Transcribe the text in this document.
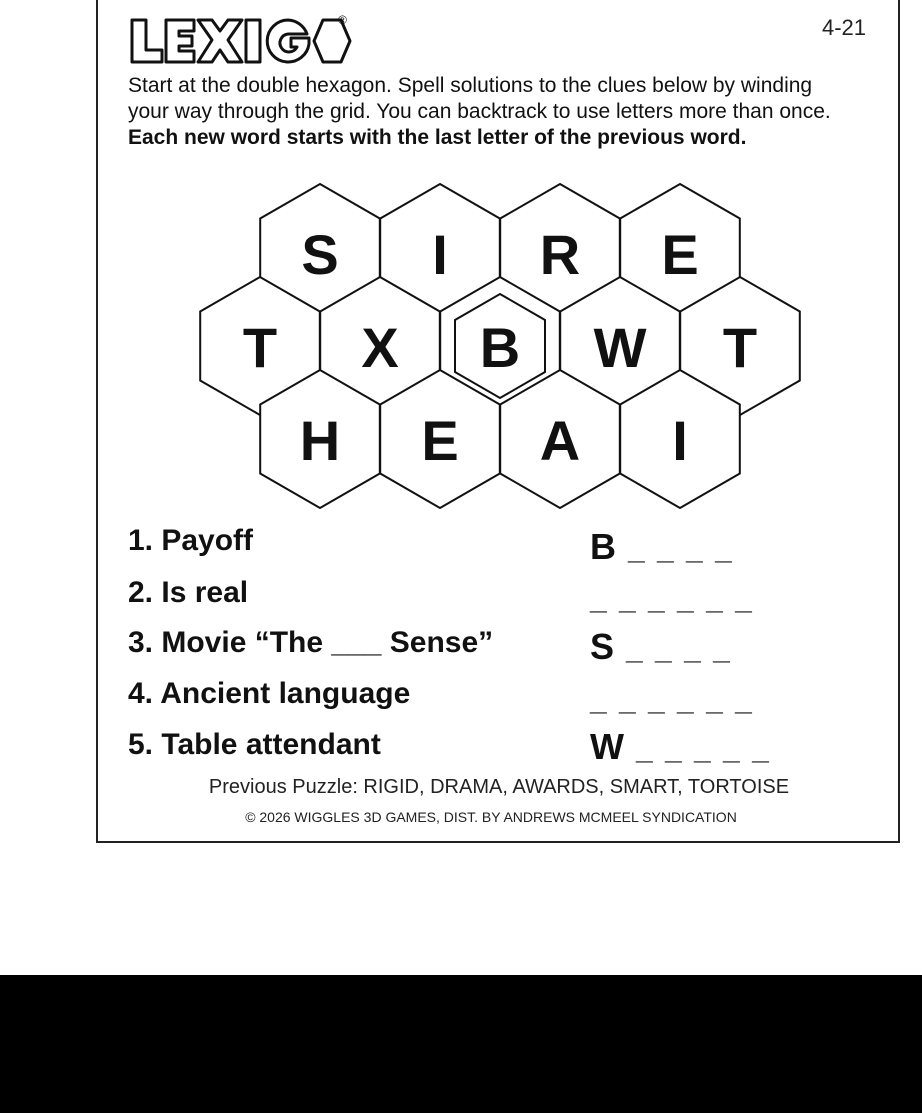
®	4-21
Start at the double hexagon. Spell solutions to the clues below by winding your way through the grid. You can backtrack to use letters more than once. Each new word starts with the last letter of the previous word.
S I R E
T X B W T
H E A I
1. Payoff	B _ _ _ _
2. Is real	_ _ _ _ _ _
3. Movie “The ___ Sense”	S _ _ _ _
4. Ancient language	_ _ _ _ _ _
5. Table attendant	W _ _ _ _ _
Previous Puzzle: RIGID, DRAMA, AWARDS, SMART, TORTOISE
© 2026 WIGGLES 3D GAMES, DIST. BY ANDREWS MCMEEL SYNDICATION
